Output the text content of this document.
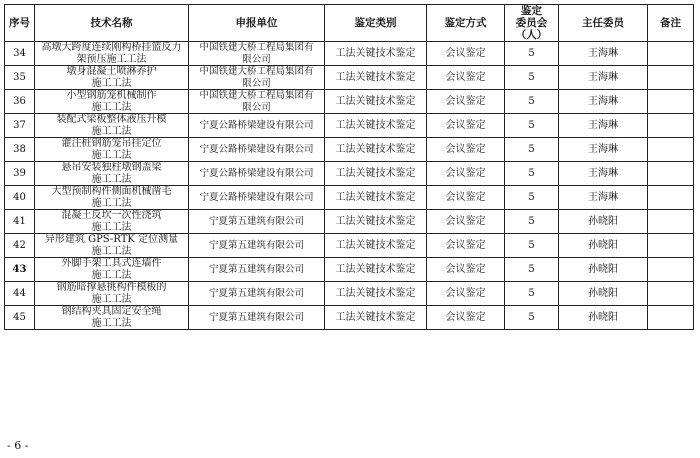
序号	技术名称	申报单位	鉴定类别	鉴定方式	鉴定
委员会（人）	主任委员	备注

34	高墩大跨度连续刚构桥挂篮反力
架预压施工工法	中国铁建大桥工程局集团有
限公司	工法关键技术鉴定	会议鉴定	5	王海琳	

35	墩身混凝土喷淋养护
施工工法	中国铁建大桥工程局集团有
限公司	工法关键技术鉴定	会议鉴定	5	王海琳	

36	小型钢筋笼机械制作
施工工法	中国铁建大桥工程局集团有
限公司	工法关键技术鉴定	会议鉴定	5	王海琳	

37	装配式梁板整体液压升模
施工工法	宁夏公路桥梁建设有限公司	工法关键技术鉴定	会议鉴定	5	王海琳	

38	灌注桩钢筋笼吊挂定位
施工工法	宁夏公路桥梁建设有限公司	工法关键技术鉴定	会议鉴定	5	王海琳	

39	悬吊安装独柱墩钢盖梁
施工工法	宁夏公路桥梁建设有限公司	工法关键技术鉴定	会议鉴定	5	王海琳	

40	大型预制构件侧面机械凿毛
施工工法	宁夏公路桥梁建设有限公司	工法关键技术鉴定	会议鉴定	5	王海琳	

41	混凝土反坎一次性浇筑
施工工法	宁夏第五建筑有限公司	工法关键技术鉴定	会议鉴定	5	孙晓阳	

42	异形建筑 GPS-RTK 定位测量
施工工法	宁夏第五建筑有限公司	工法关键技术鉴定	会议鉴定	5	孙晓阳	

43	外脚手架工具式连墙件
施工工法	宁夏第五建筑有限公司	工法关键技术鉴定	会议鉴定	5	孙晓阳	

44	钢筋暗撑悬挑构件模板的
施工工法	宁夏第五建筑有限公司	工法关键技术鉴定	会议鉴定	5	孙晓阳	

45	钢结构夹具固定安全绳
施工工法	宁夏第五建筑有限公司	工法关键技术鉴定	会议鉴定	5	孙晓阳	

- 6 -
